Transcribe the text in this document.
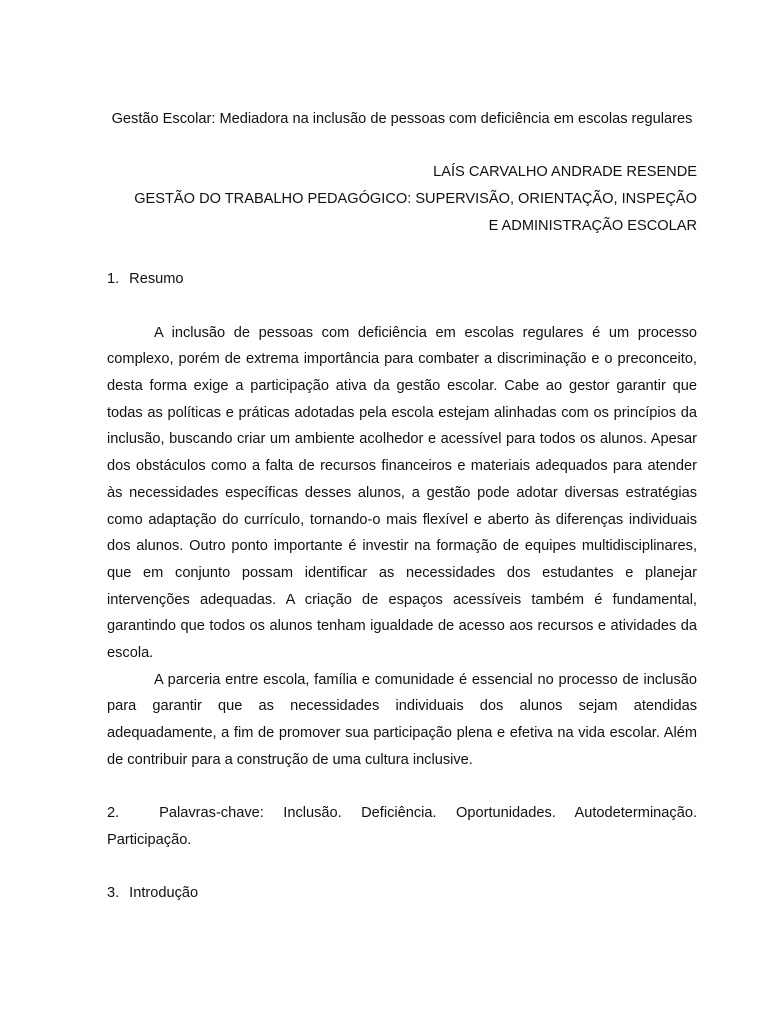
Gestão Escolar: Mediadora na inclusão de pessoas com deficiência em escolas regulares

LAÍS CARVALHO ANDRADE RESENDE

GESTÃO DO TRABALHO PEDAGÓGICO: SUPERVISÃO, ORIENTAÇÃO, INSPEÇÃO

E ADMINISTRAÇÃO ESCOLAR

1. Resumo

A inclusão de pessoas com deficiência em escolas regulares é um processo complexo, porém de extrema importância para combater a discriminação e o preconceito, desta forma exige a participação ativa da gestão escolar. Cabe ao gestor garantir que todas as políticas e práticas adotadas pela escola estejam alinhadas com os princípios da inclusão, buscando criar um ambiente acolhedor e acessível para todos os alunos. Apesar dos obstáculos como a falta de recursos financeiros e materiais adequados para atender às necessidades específicas desses alunos, a gestão pode adotar diversas estratégias como adaptação do currículo, tornando-o mais flexível e aberto às diferenças individuais dos alunos. Outro ponto importante é investir na formação de equipes multidisciplinares, que em conjunto possam identificar as necessidades dos estudantes e planejar intervenções adequadas. A criação de espaços acessíveis também é fundamental, garantindo que todos os alunos tenham igualdade de acesso aos recursos e atividades da escola.

A parceria entre escola, família e comunidade é essencial no processo de inclusão para garantir que as necessidades individuais dos alunos sejam atendidas adequadamente, a fim de promover sua participação plena e efetiva na vida escolar. Além de contribuir para a construção de uma cultura inclusive.

2.	Palavras-chave: Inclusão. Deficiência. Oportunidades. Autodeterminação. Participação.

3. Introdução
